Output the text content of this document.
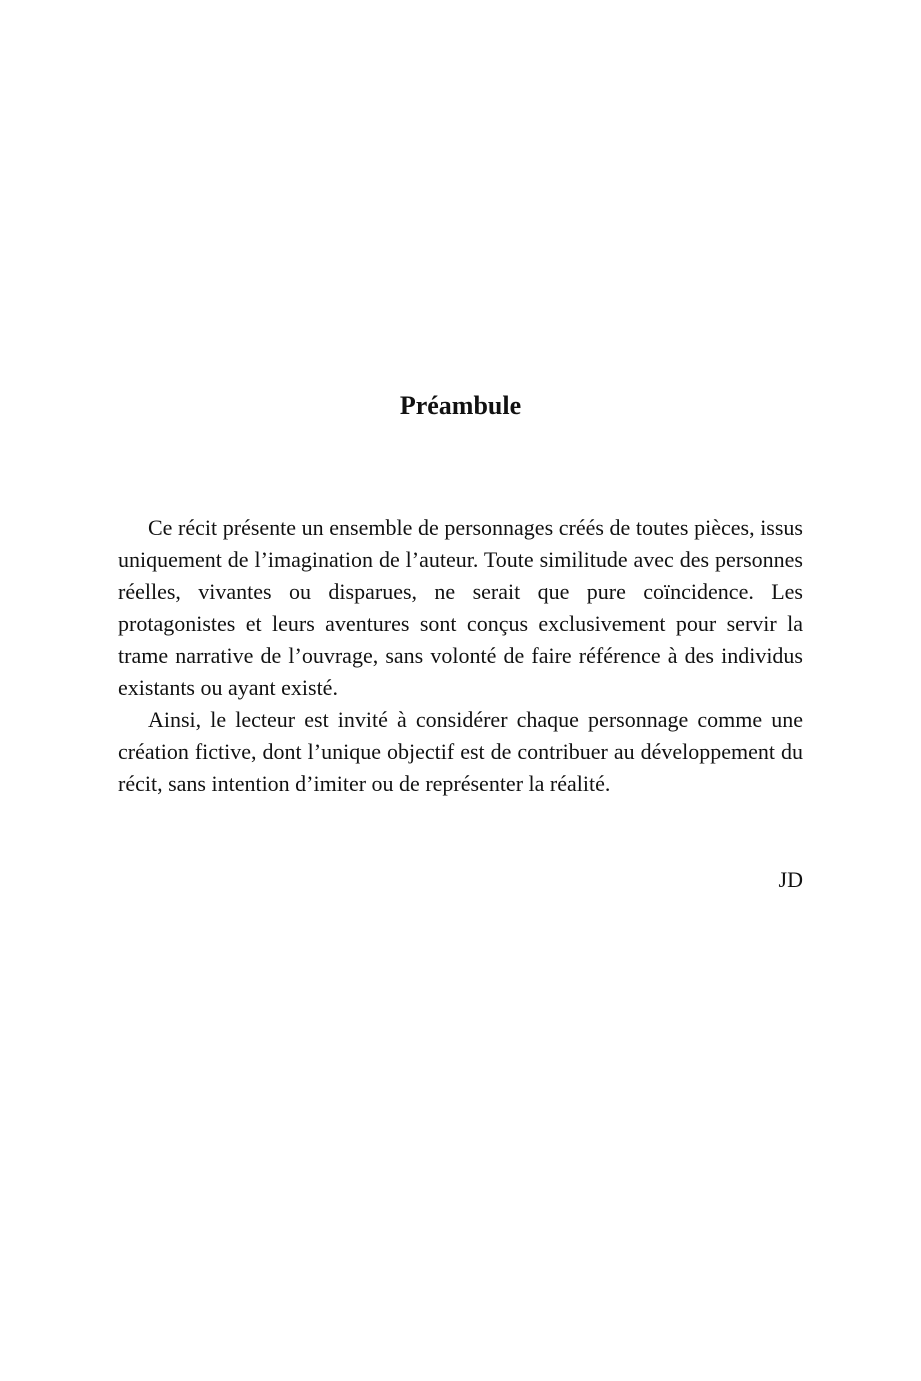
Préambule

Ce récit présente un ensemble de personnages créés de toutes pièces, issus uniquement de l’imagination de l’auteur. Toute similitude avec des personnes réelles, vivantes ou disparues, ne serait que pure coïncidence. Les protagonistes et leurs aventures sont conçus exclusivement pour servir la trame narrative de l’ouvrage, sans volonté de faire référence à des individus existants ou ayant existé.

Ainsi, le lecteur est invité à considérer chaque personnage comme une création fictive, dont l’unique objectif est de contribuer au développement du récit, sans intention d’imiter ou de représenter la réalité.

JD
